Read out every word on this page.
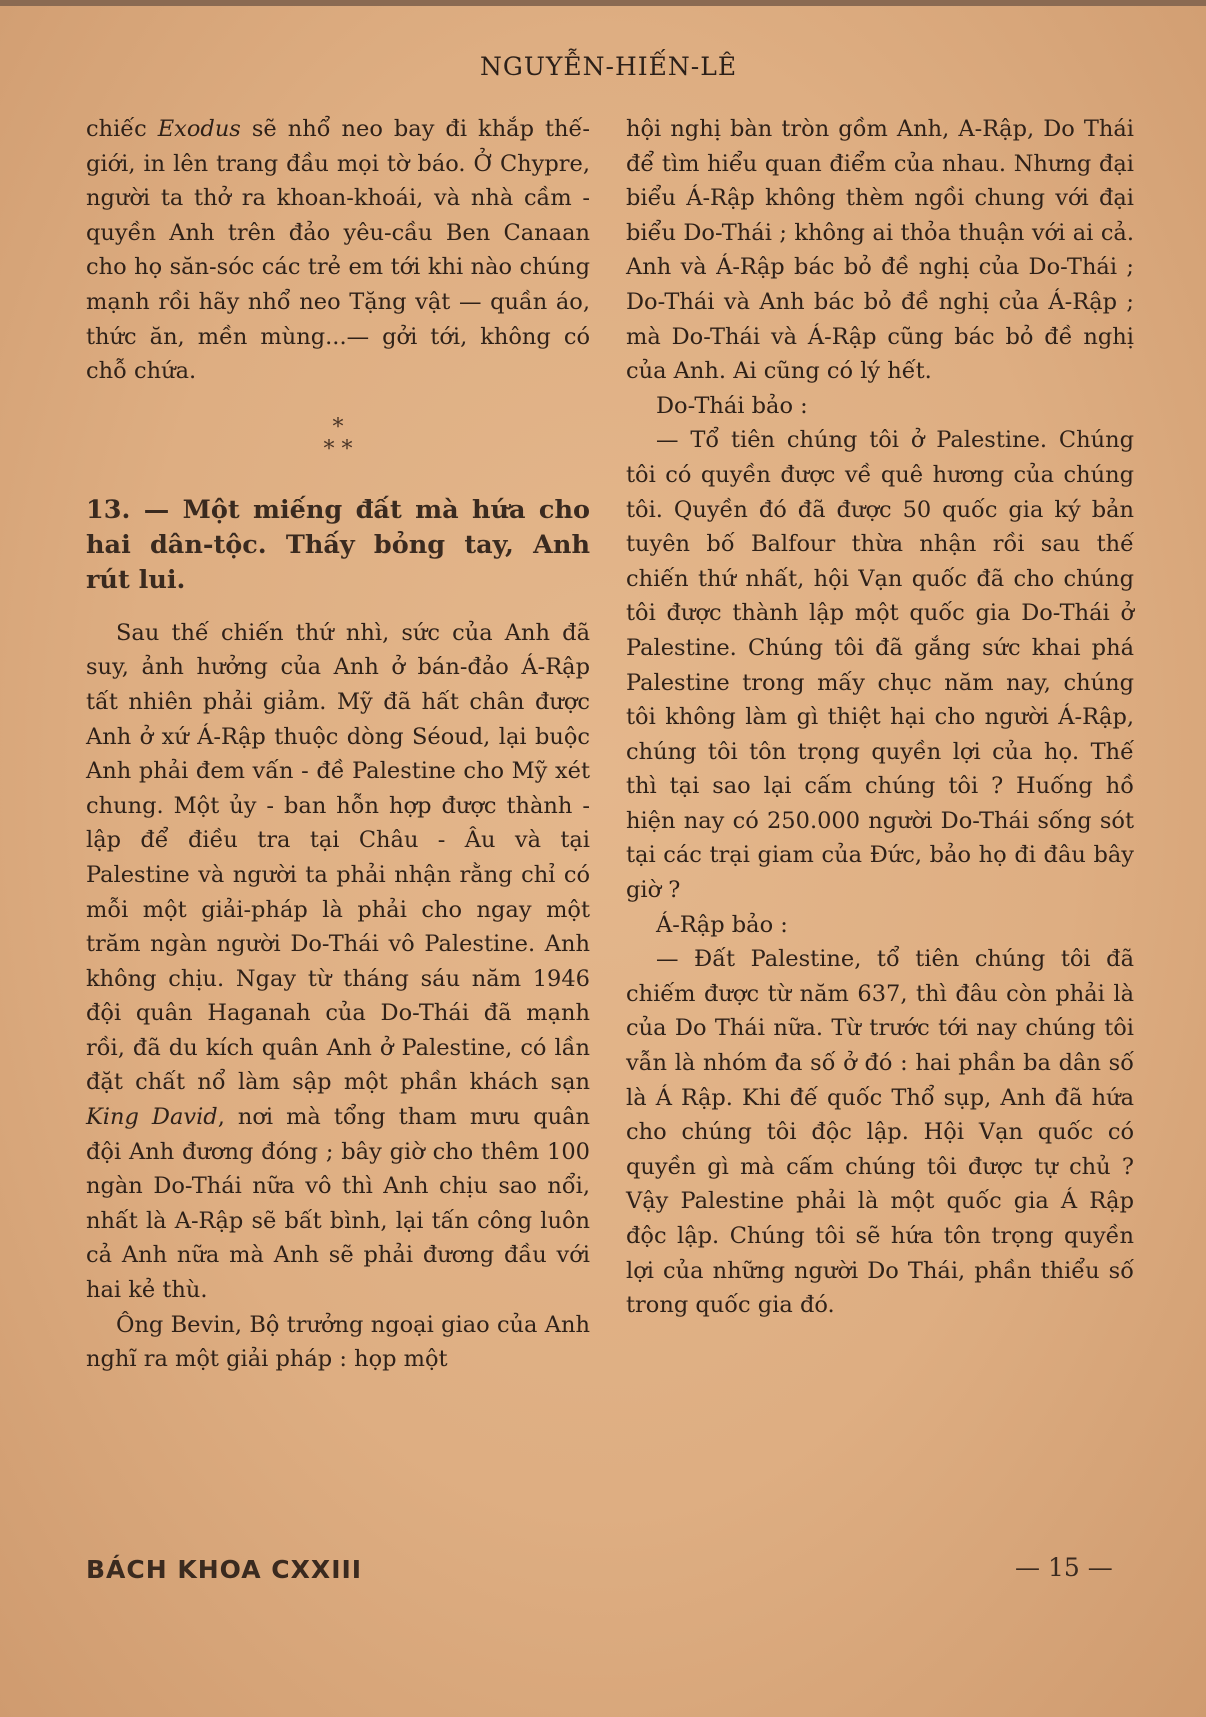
NGUYỄN-HIẾN-LÊ

chiếc Exodus sẽ nhổ neo bay đi khắp thế-giới, in lên trang đầu mọi tờ báo. Ở Chypre, người ta thở ra khoan-khoái, và nhà cầm - quyền Anh trên đảo yêu-cầu Ben Canaan cho họ săn-sóc các trẻ em tới khi nào chúng mạnh rồi hãy nhổ neo Tặng vật — quần áo, thức ăn, mền mùng...— gởi tới, không có chỗ chứa.

*
* *
13. — Một miếng đất mà hứa cho hai dân-tộc. Thấy bỏng tay, Anh rút lui.

Sau thế chiến thứ nhì, sức của Anh đã suy, ảnh hưởng của Anh ở bán-đảo Á-Rập tất nhiên phải giảm. Mỹ đã hất chân được Anh ở xứ Á-Rập thuộc dòng Séoud, lại buộc Anh phải đem vấn - đề Palestine cho Mỹ xét chung. Một ủy - ban hỗn hợp được thành - lập để điều tra tại Châu - Âu và tại Palestine và người ta phải nhận rằng chỉ có mỗi một giải-pháp là phải cho ngay một trăm ngàn người Do-Thái vô Palestine. Anh không chịu. Ngay từ tháng sáu năm 1946 đội quân Haganah của Do-Thái đã mạnh rồi, đã du kích quân Anh ở Palestine, có lần đặt chất nổ làm sập một phần khách sạn King David, nơi mà tổng tham mưu quân đội Anh đương đóng ; bây giờ cho thêm 100 ngàn Do-Thái nữa vô thì Anh chịu sao nổi, nhất là A-Rập sẽ bất bình, lại tấn công luôn cả Anh nữa mà Anh sẽ phải đương đầu với hai kẻ thù.

Ông Bevin, Bộ trưởng ngoại giao của Anh nghĩ ra một giải pháp : họp một

hội nghị bàn tròn gồm Anh, A-Rập, Do Thái để tìm hiểu quan điểm của nhau. Nhưng đại biểu Á-Rập không thèm ngồi chung với đại biểu Do-Thái ; không ai thỏa thuận với ai cả. Anh và Á-Rập bác bỏ đề nghị của Do-Thái ; Do-Thái và Anh bác bỏ đề nghị của Á-Rập ; mà Do-Thái và Á-Rập cũng bác bỏ đề nghị của Anh. Ai cũng có lý hết.

Do-Thái bảo :

— Tổ tiên chúng tôi ở Palestine. Chúng tôi có quyền được về quê hương của chúng tôi. Quyền đó đã được 50 quốc gia ký bản tuyên bố Balfour thừa nhận rồi sau thế chiến thứ nhất, hội Vạn quốc đã cho chúng tôi được thành lập một quốc gia Do-Thái ở Palestine. Chúng tôi đã gắng sức khai phá Palestine trong mấy chục năm nay, chúng tôi không làm gì thiệt hại cho người Á-Rập, chúng tôi tôn trọng quyền lợi của họ. Thế thì tại sao lại cấm chúng tôi ? Huống hồ hiện nay có 250.000 người Do-Thái sống sót tại các trại giam của Đức, bảo họ đi đâu bây giờ ?

Á-Rập bảo :

— Đất Palestine, tổ tiên chúng tôi đã chiếm được từ năm 637, thì đâu còn phải là của Do Thái nữa. Từ trước tới nay chúng tôi vẫn là nhóm đa số ở đó : hai phần ba dân số là Á Rập. Khi đế quốc Thổ sụp, Anh đã hứa cho chúng tôi độc lập. Hội Vạn quốc có quyền gì mà cấm chúng tôi được tự chủ ? Vậy Palestine phải là một quốc gia Á Rập độc lập. Chúng tôi sẽ hứa tôn trọng quyền lợi của những người Do Thái, phần thiểu số trong quốc gia đó.

BÁCH KHOA CXXIII	— 15 —
